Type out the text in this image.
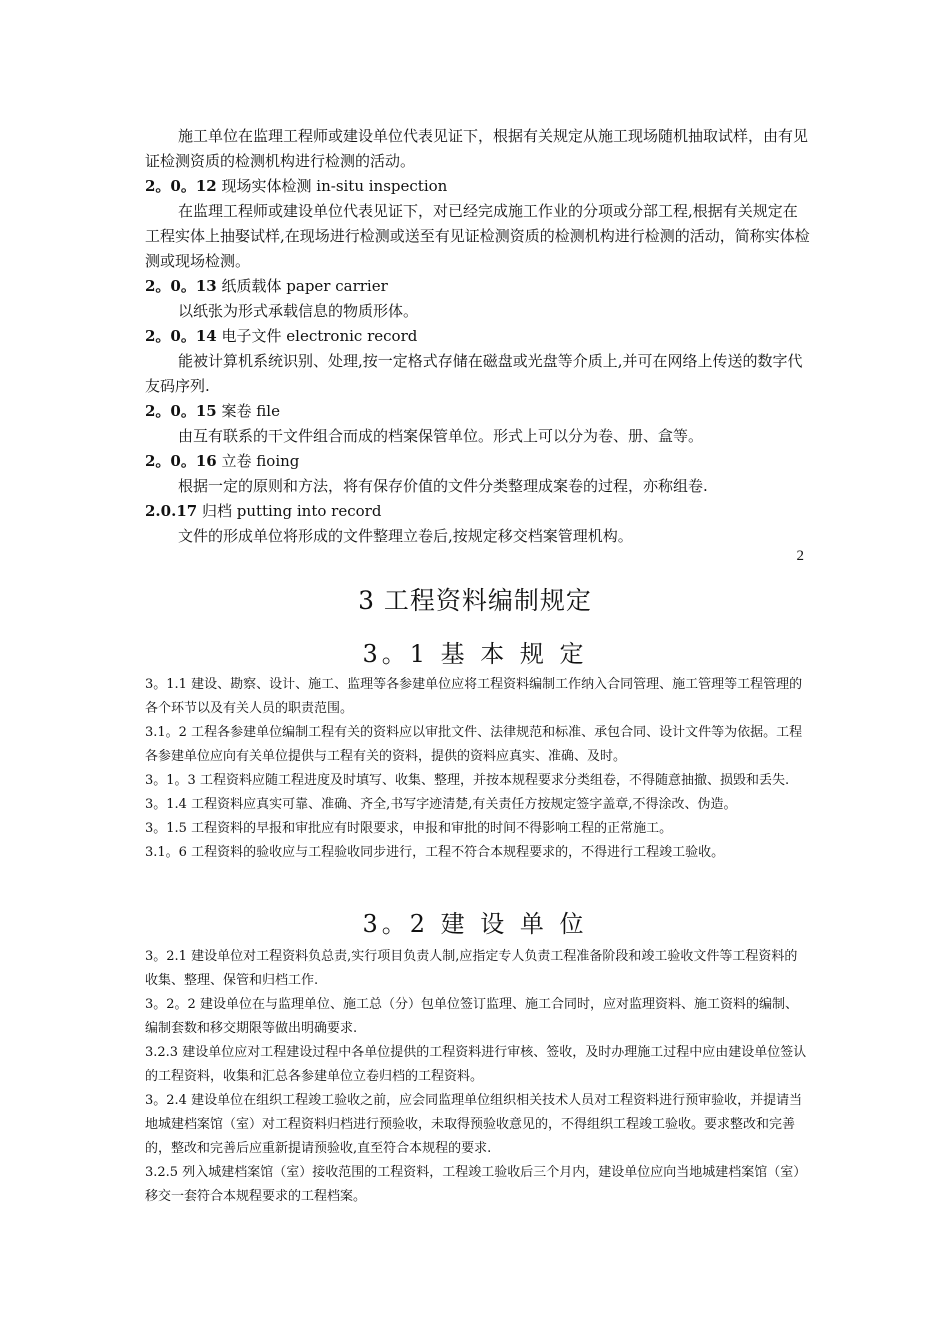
施工单位在监理工程师或建设单位代表见证下，根据有关规定从施工现场随机抽取试样，由有见证检测资质的检测机构进行检测的活动。

2。0。12 现场实体检测 in-situ inspection

在监理工程师或建设单位代表见证下，对已经完成施工作业的分项或分部工程,根据有关规定在工程实体上抽娶试样,在现场进行检测或送至有见证检测资质的检测机构进行检测的活动，简称实体检测或现场检测。

2。0。13 纸质载体 paper carrier

以纸张为形式承载信息的物质形体。

2。0。14 电子文件 electronic record

能被计算机系统识别、处理,按一定格式存储在磁盘或光盘等介质上,并可在网络上传送的数字代友码序列.

2。0。15 案卷 file

由互有联系的干文件组合而成的档案保管单位。形式上可以分为卷、册、盒等。

2。0。16 立卷 fioing

根据一定的原则和方法，将有保存价值的文件分类整理成案卷的过程，亦称组卷.

2.0.17 归档 putting into record

文件的形成单位将形成的文件整理立卷后,按规定移交档案管理机构。

2
3 工程资料编制规定
3。1 基 本 规 定

3。1.1 建设、勘察、设计、施工、监理等各参建单位应将工程资料编制工作纳入合同管理、施工管理等工程管理的各个环节以及有关人员的职责范围。

3.1。2 工程各参建单位编制工程有关的资料应以审批文件、法律规范和标准、承包合同、设计文件等为依据。工程各参建单位应向有关单位提供与工程有关的资料，提供的资料应真实、准确、及时。

3。1。3 工程资料应随工程进度及时填写、收集、整理，并按本规程要求分类组卷，不得随意抽撤、损毁和丢失.

3。1.4 工程资料应真实可靠、准确、齐全,书写字迹清楚,有关责任方按规定签字盖章,不得涂改、伪造。

3。1.5 工程资料的早报和审批应有时限要求，申报和审批的时间不得影响工程的正常施工。

3.1。6 工程资料的验收应与工程验收同步进行，工程不符合本规程要求的，不得进行工程竣工验收。

3。2 建 设 单 位

3。2.1 建设单位对工程资料负总责,实行项目负责人制,应指定专人负责工程准备阶段和竣工验收文件等工程资料的收集、整理、保管和归档工作.

3。2。2 建设单位在与监理单位、施工总（分）包单位签订监理、施工合同时，应对监理资料、施工资料的编制、编制套数和移交期限等做出明确要求.

3.2.3 建设单位应对工程建设过程中各单位提供的工程资料进行审核、签收，及时办理施工过程中应由建设单位签认的工程资料，收集和汇总各参建单位立卷归档的工程资料。

3。2.4 建设单位在组织工程竣工验收之前，应会同监理单位组织相关技术人员对工程资料进行预审验收，并提请当地城建档案馆（室）对工程资料归档进行预验收，未取得预验收意见的，不得组织工程竣工验收。要求整改和完善的，整改和完善后应重新提请预验收,直至符合本规程的要求.

3.2.5 列入城建档案馆（室）接收范围的工程资料，工程竣工验收后三个月内，建设单位应向当地城建档案馆（室）移交一套符合本规程要求的工程档案。
